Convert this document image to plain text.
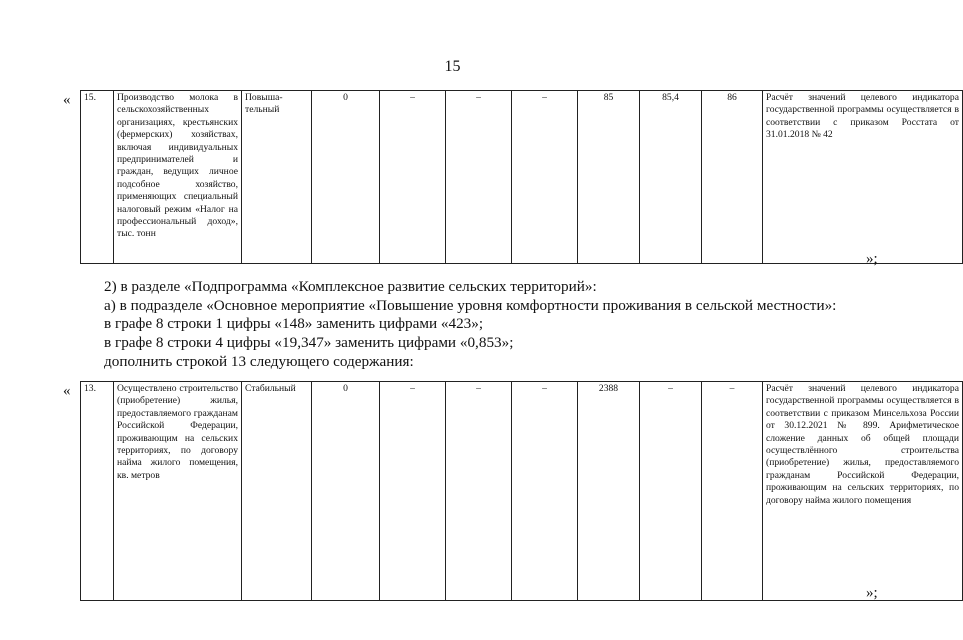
15
« 15.	Производство молока в сельскохозяйственных организациях, крестьянских (фермерских) хозяйствах, включая индивидуальных предпринимателей и граждан, ведущих личное подсобное хозяйство, применяющих специальный налоговый режим «Налог на профессиональный доход», тыс. тонн	Повыша-тельный	0	–	–	–	85	85,4	86	Расчёт значений целевого индикатора государственной программы осуществляется в соответствии с приказом Росстата от 31.01.2018 № 42
»;

2) в разделе «Подпрограмма «Комплексное развитие сельских территорий»:

а) в подразделе «Основное мероприятие «Повышение уровня комфортности проживания в сельской местности»:

в графе 8 строки 1 цифры «148» заменить цифрами «423»;

в графе 8 строки 4 цифры «19,347» заменить цифрами «0,853»;

дополнить строкой 13 следующего содержания:

« 13.	Осуществлено строительство (приобретение) жилья, предоставляемого гражданам Российской Федерации, проживающим на сельских территориях, по договору найма жилого помещения, кв. метров	Стабильный	0	–	–	–	2388	–	–	Расчёт значений целевого индикатора государственной программы осуществляется в соответствии с приказом Минсельхоза России от 30.12.2021 № 899. Арифметическое сложение данных об общей площади осуществлённого строительства (приобретение) жилья, предоставляемого гражданам Российской Федерации, проживающим на сельских территориях, по договору найма жилого помещения
»;
